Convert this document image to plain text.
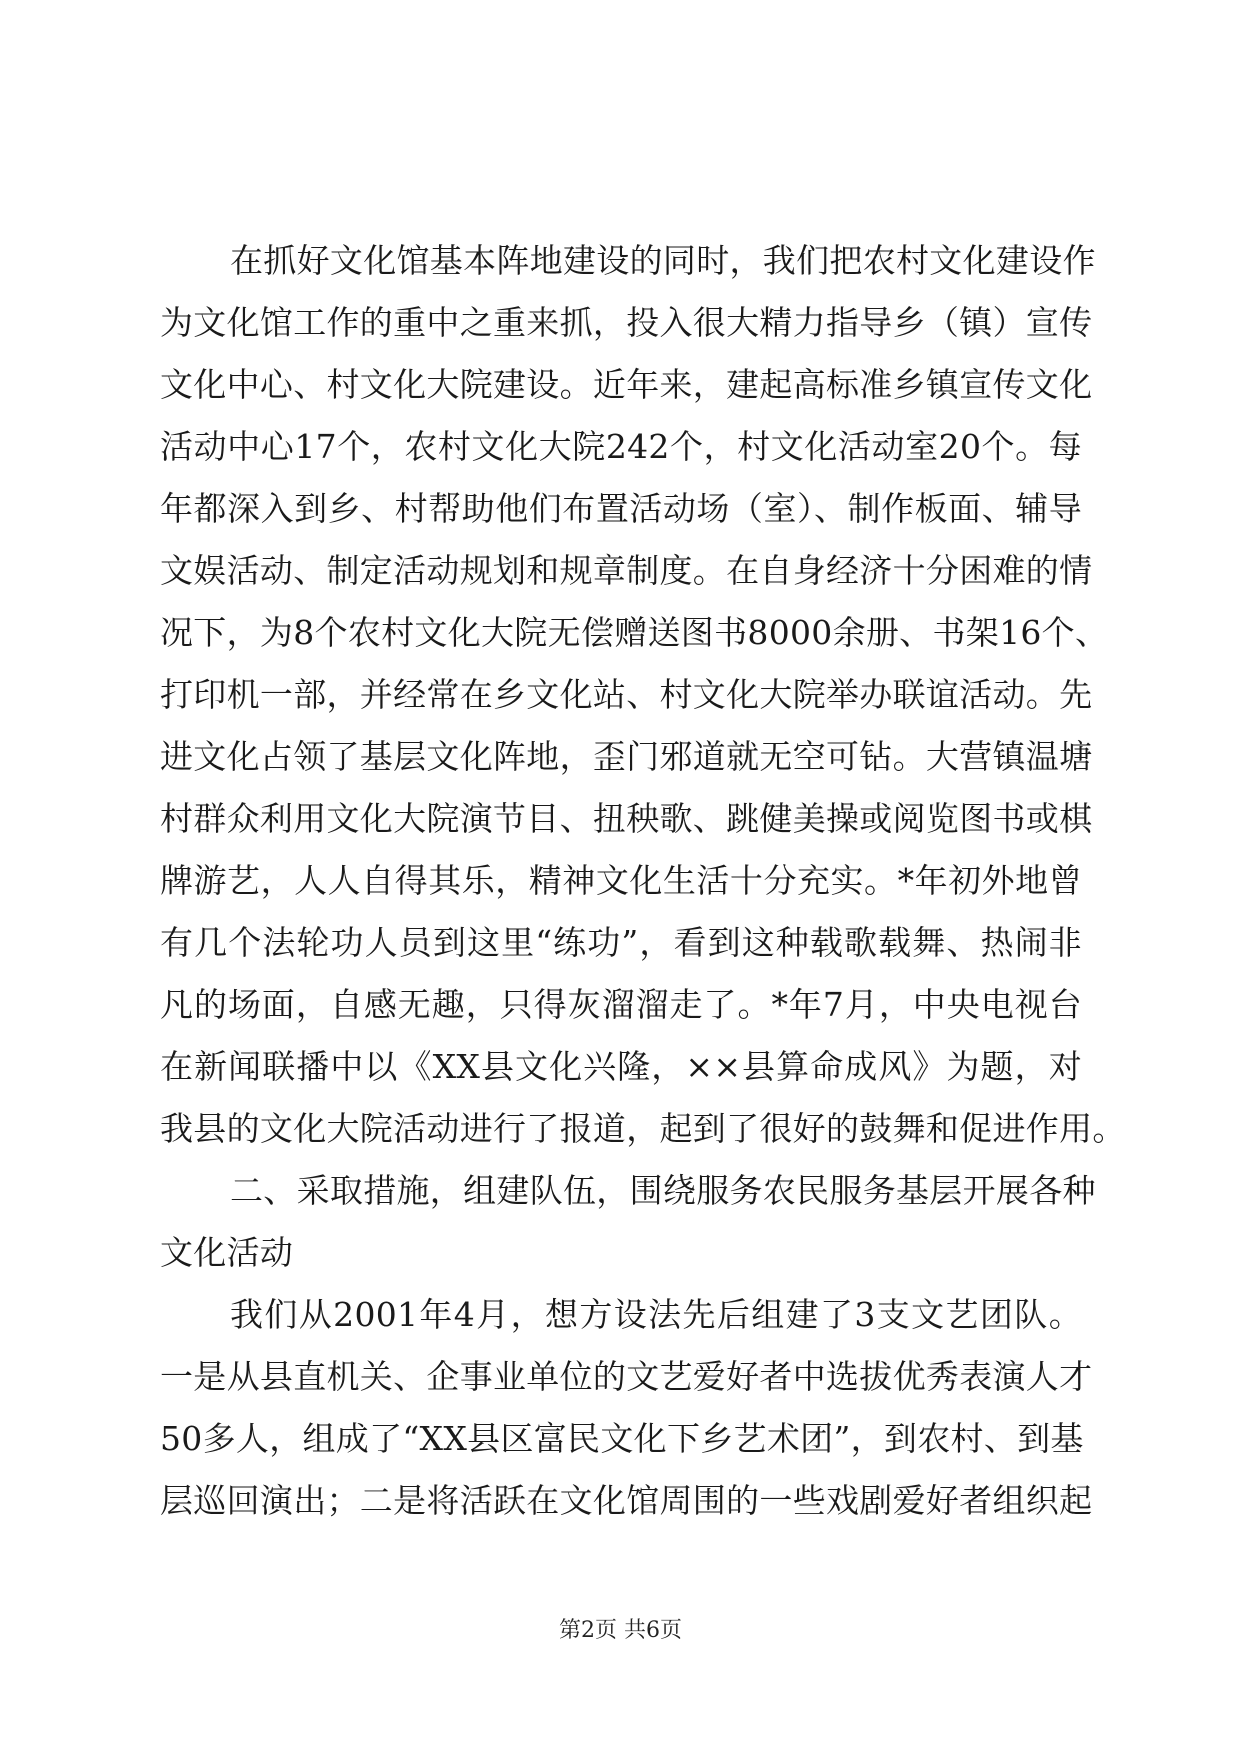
在抓好文化馆基本阵地建设的同时，我们把农村文化建设作
为文化馆工作的重中之重来抓，投入很大精力指导乡（镇）宣传
文化中心、村文化大院建设。近年来，建起高标准乡镇宣传文化
活动中心17个，农村文化大院242个，村文化活动室20个。每
年都深入到乡、村帮助他们布置活动场（室）、制作板面、辅导
文娱活动、制定活动规划和规章制度。在自身经济十分困难的情
况下，为8个农村文化大院无偿赠送图书8000余册、书架16个、
打印机一部，并经常在乡文化站、村文化大院举办联谊活动。先
进文化占领了基层文化阵地，歪门邪道就无空可钻。大营镇温塘
村群众利用文化大院演节目、扭秧歌、跳健美操或阅览图书或棋
牌游艺，人人自得其乐，精神文化生活十分充实。*年初外地曾
有几个法轮功人员到这里“练功”，看到这种载歌载舞、热闹非
凡的场面，自感无趣，只得灰溜溜走了。*年7月，中央电视台
在新闻联播中以《XX县文化兴隆，××县算命成风》为题，对
我县的文化大院活动进行了报道，起到了很好的鼓舞和促进作用。
二、采取措施，组建队伍，围绕服务农民服务基层开展各种
文化活动
我们从2001年4月，想方设法先后组建了3支文艺团队。
一是从县直机关、企事业单位的文艺爱好者中选拔优秀表演人才
50多人，组成了“XX县区富民文化下乡艺术团”，到农村、到基
层巡回演出；二是将活跃在文化馆周围的一些戏剧爱好者组织起
第2页 共6页
